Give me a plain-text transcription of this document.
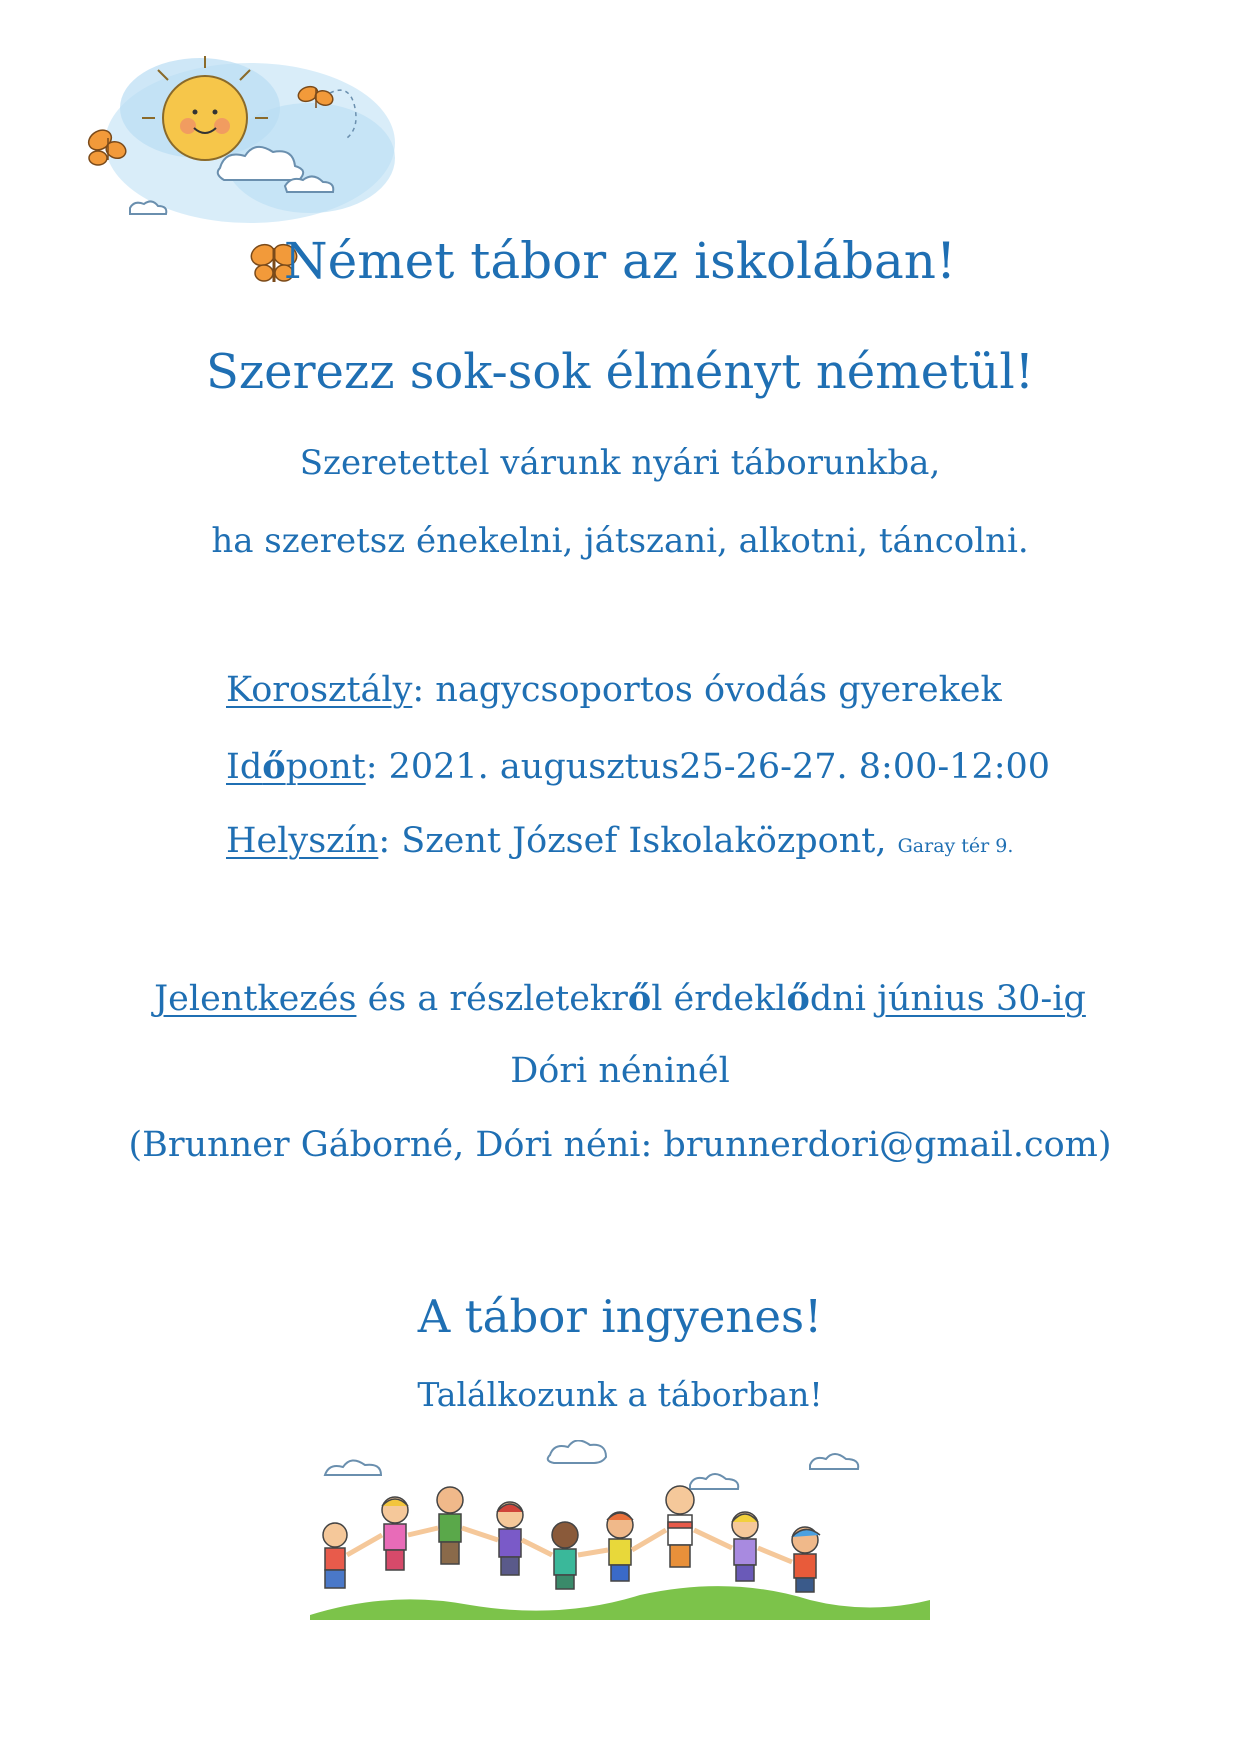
Német tábor az iskolában!
Szerezz sok-sok élményt németül!
Szeretettel várunk nyári táborunkba,
ha szeretsz énekelni, játszani, alkotni, táncolni.
Korosztály: nagycsoportos óvodás gyerekek
Időpont: 2021. augusztus25-26-27. 8:00-12:00
Helyszín: Szent József Iskolaközpont, Garay tér 9.
Jelentkezés és a részletekről érdeklődni június 30-ig
Dóri néninél
(Brunner Gáborné, Dóri néni: brunnerdori@gmail.com)
A tábor ingyenes!
Találkozunk a táborban!
